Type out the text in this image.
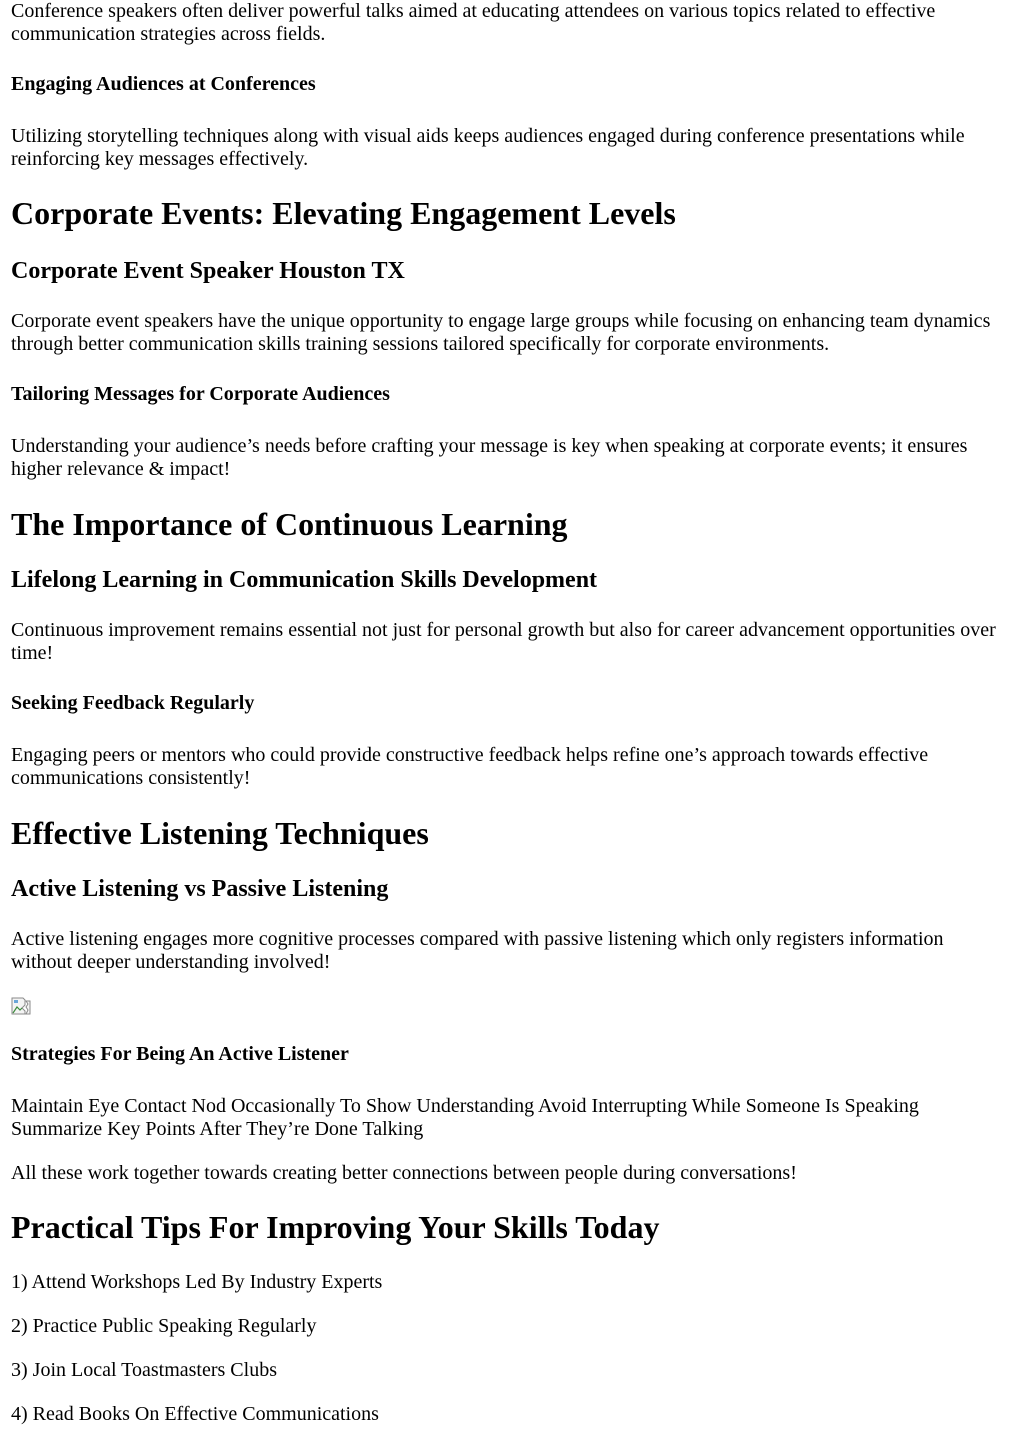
Conference speakers often deliver powerful talks aimed at educating attendees on various topics related to effective communication strategies across fields.

Engaging Audiences at Conferences

Utilizing storytelling techniques along with visual aids keeps audiences engaged during conference presentations while reinforcing key messages effectively.

Corporate Events: Elevating Engagement Levels
Corporate Event Speaker Houston TX

Corporate event speakers have the unique opportunity to engage large groups while focusing on enhancing team dynamics through better communication skills training sessions tailored specifically for corporate environments.

Tailoring Messages for Corporate Audiences

Understanding your audience’s needs before crafting your message is key when speaking at corporate events; it ensures higher relevance & impact!

The Importance of Continuous Learning
Lifelong Learning in Communication Skills Development

Continuous improvement remains essential not just for personal growth but also for career advancement opportunities over time!

Seeking Feedback Regularly

Engaging peers or mentors who could provide constructive feedback helps refine one’s approach towards effective communications consistently!

Effective Listening Techniques
Active Listening vs Passive Listening

Active listening engages more cognitive processes compared with passive listening which only registers information without deeper understanding involved!

Strategies For Being An Active Listener

Maintain Eye Contact Nod Occasionally To Show Understanding Avoid Interrupting While Someone Is Speaking Summarize Key Points After They’re Done Talking

All these work together towards creating better connections between people during conversations!

Practical Tips For Improving Your Skills Today

1) Attend Workshops Led By Industry Experts

2) Practice Public Speaking Regularly

3) Join Local Toastmasters Clubs

4) Read Books On Effective Communications
